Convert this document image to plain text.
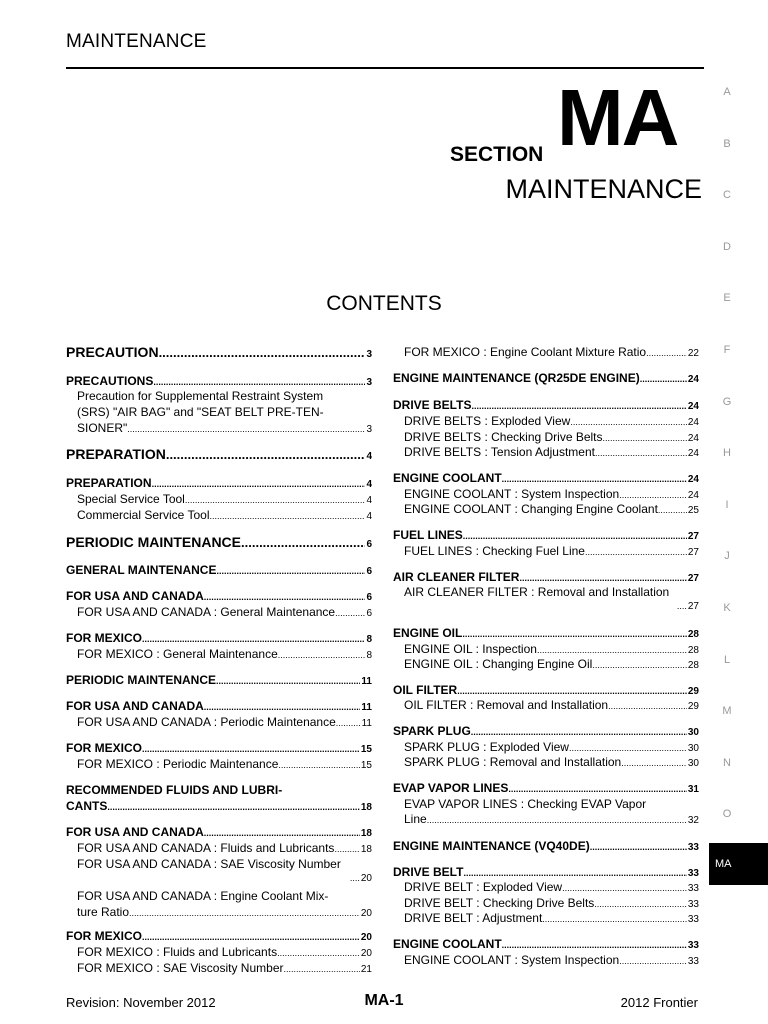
MAINTENANCE
SECTION MA
MAINTENANCE
CONTENTS
A
B
C
D
E
F
G
H
I
J
K
L
M
N
O
MA
PRECAUTION .....	3
PRECAUTIONS .....	3
Precaution for Supplemental Restraint System
(SRS) "AIR BAG" and "SEAT BELT PRE-TEN-
SIONER" .....	3
PREPARATION .....	4
PREPARATION .....	4
Special Service Tool .....	4
Commercial Service Tool .....	4
PERIODIC MAINTENANCE .....	6
GENERAL MAINTENANCE .....	6
FOR USA AND CANADA .....	6
FOR USA AND CANADA : General Maintenance .....	6
FOR MEXICO .....	8
FOR MEXICO : General Maintenance .....	8
PERIODIC MAINTENANCE .....	11
FOR USA AND CANADA .....	11
FOR USA AND CANADA : Periodic Maintenance .....	11
FOR MEXICO .....	15
FOR MEXICO : Periodic Maintenance .....	15
RECOMMENDED FLUIDS AND LUBRI-
CANTS .....	18
FOR USA AND CANADA .....	18
FOR USA AND CANADA : Fluids and Lubricants .....	18
FOR USA AND CANADA : SAE Viscosity Number
.... 20
FOR USA AND CANADA : Engine Coolant Mix-
ture Ratio .....	20
FOR MEXICO .....	20
FOR MEXICO : Fluids and Lubricants .....	20
FOR MEXICO : SAE Viscosity Number .....	21
FOR MEXICO : Engine Coolant Mixture Ratio .....	22
ENGINE MAINTENANCE (QR25DE ENGINE) .....	24
DRIVE BELTS .....	24
DRIVE BELTS : Exploded View .....	24
DRIVE BELTS : Checking Drive Belts .....	24
DRIVE BELTS : Tension Adjustment .....	24
ENGINE COOLANT .....	24
ENGINE COOLANT : System Inspection .....	24
ENGINE COOLANT : Changing Engine Coolant .....	25
FUEL LINES .....	27
FUEL LINES : Checking Fuel Line .....	27
AIR CLEANER FILTER .....	27
AIR CLEANER FILTER : Removal and Installation
.... 27
ENGINE OIL .....	28
ENGINE OIL : Inspection .....	28
ENGINE OIL : Changing Engine Oil .....	28
OIL FILTER .....	29
OIL FILTER : Removal and Installation .....	29
SPARK PLUG .....	30
SPARK PLUG : Exploded View .....	30
SPARK PLUG : Removal and Installation .....	30
EVAP VAPOR LINES .....	31
EVAP VAPOR LINES : Checking EVAP Vapor
Line .....	32
ENGINE MAINTENANCE (VQ40DE) .....	33
DRIVE BELT .....	33
DRIVE BELT : Exploded View .....	33
DRIVE BELT : Checking Drive Belts .....	33
DRIVE BELT : Adjustment .....	33
ENGINE COOLANT .....	33
ENGINE COOLANT : System Inspection .....	33
Revision: November 2012	MA-1	2012 Frontier
